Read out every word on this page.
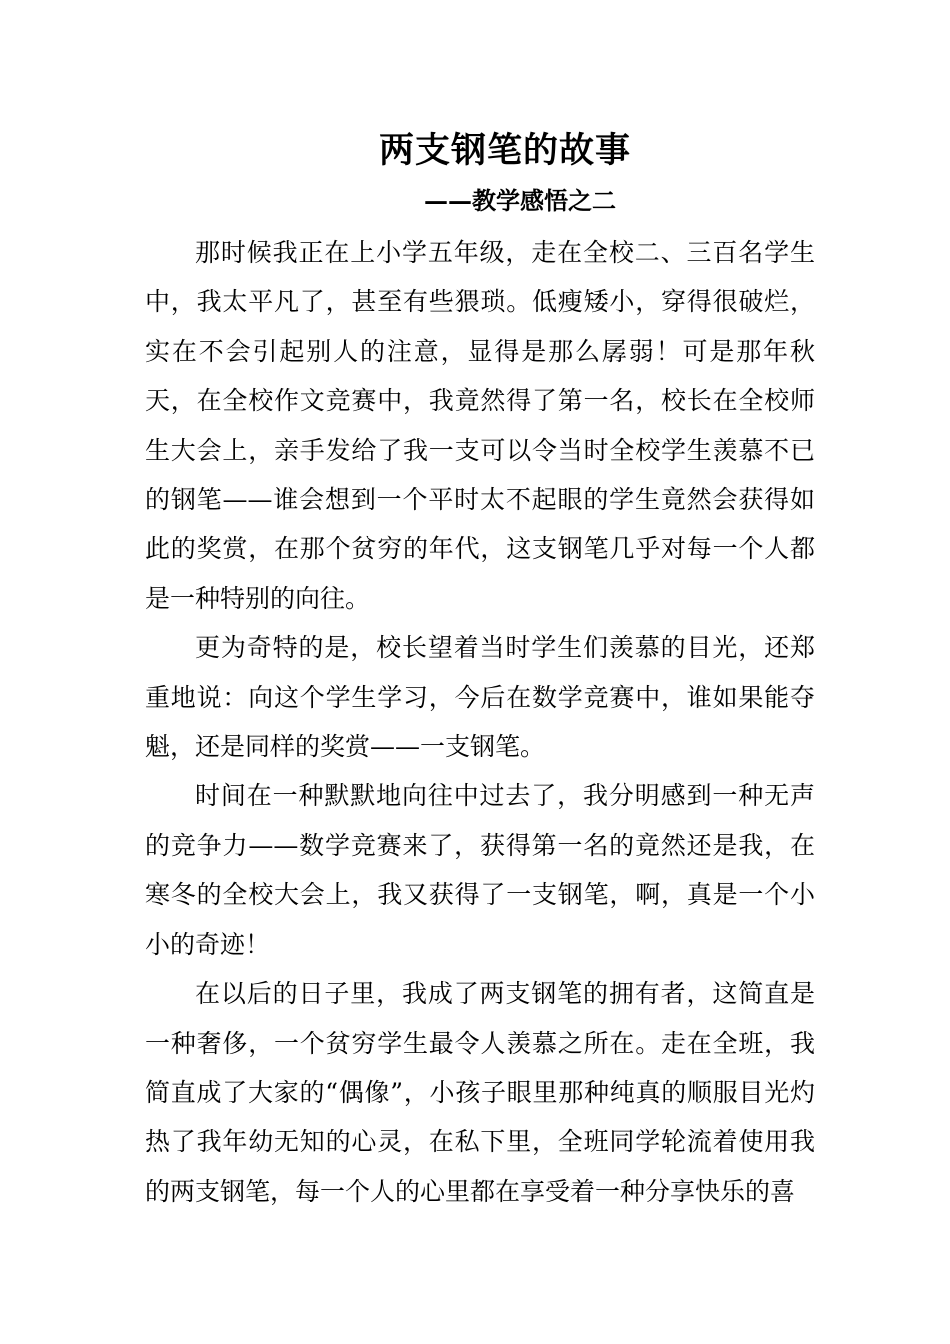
两支钢笔的故事
——教学感悟之二

那时候我正在上小学五年级，走在全校二、三百名学生中，我太平凡了，甚至有些猥琐。低瘦矮小，穿得很破烂，实在不会引起别人的注意，显得是那么孱弱！可是那年秋天，在全校作文竞赛中，我竟然得了第一名，校长在全校师生大会上，亲手发给了我一支可以令当时全校学生羡慕不已的钢笔——谁会想到一个平时太不起眼的学生竟然会获得如此的奖赏，在那个贫穷的年代，这支钢笔几乎对每一个人都是一种特别的向往。

更为奇特的是，校长望着当时学生们羡慕的目光，还郑重地说：向这个学生学习，今后在数学竞赛中，谁如果能夺魁，还是同样的奖赏——一支钢笔。

时间在一种默默地向往中过去了，我分明感到一种无声的竞争力——数学竞赛来了，获得第一名的竟然还是我，在寒冬的全校大会上，我又获得了一支钢笔，啊，真是一个小小的奇迹！

在以后的日子里，我成了两支钢笔的拥有者，这简直是一种奢侈，一个贫穷学生最令人羡慕之所在。走在全班，我简直成了大家的“偶像”，小孩子眼里那种纯真的顺服目光灼热了我年幼无知的心灵，在私下里，全班同学轮流着使用我的两支钢笔，每一个人的心里都在享受着一种分享快乐的喜
